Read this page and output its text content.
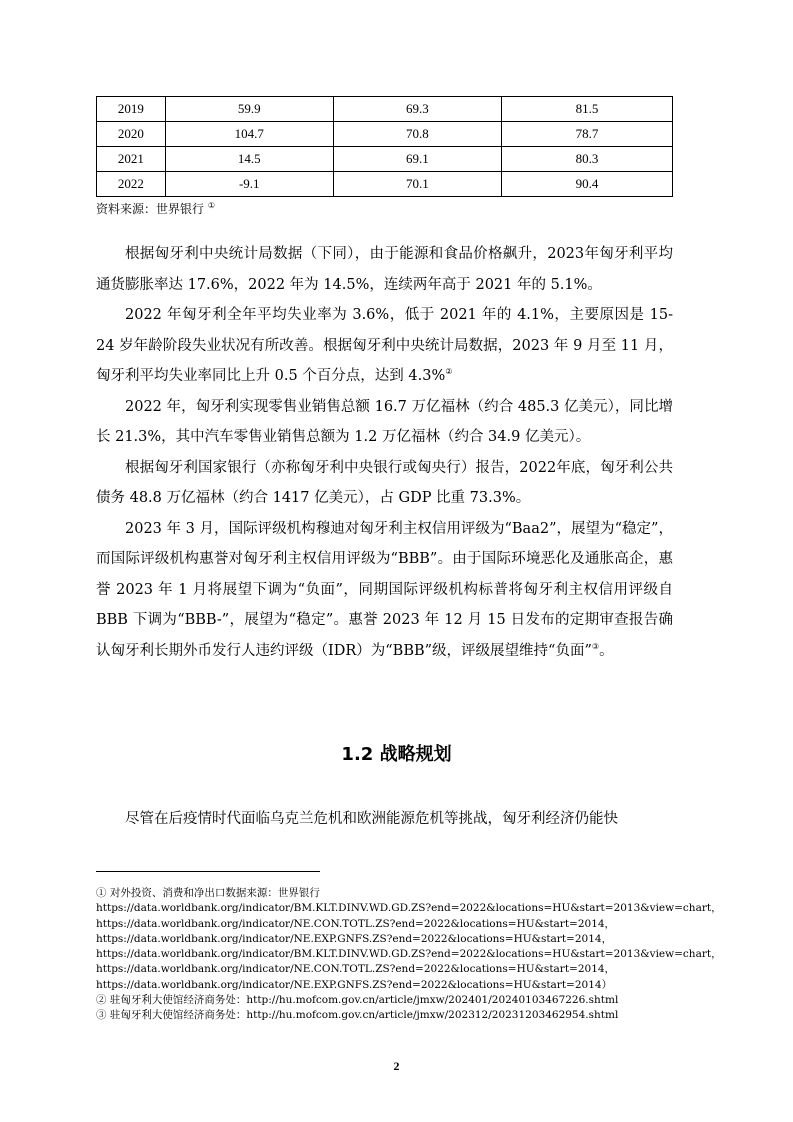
2019	59.9	69.3	81.5
2020	104.7	70.8	78.7
2021	14.5	69.1	80.3
2022	-9.1	70.1	90.4
资料来源：世界银行 ①

根据匈牙利中央统计局数据（下同），由于能源和食品价格飙升，2023年匈牙利平均通货膨胀率达 17.6%，2022 年为 14.5%，连续两年高于 2021 年的 5.1%。

2022 年匈牙利全年平均失业率为 3.6%，低于 2021 年的 4.1%，主要原因是 15-24 岁年龄阶段失业状况有所改善。根据匈牙利中央统计局数据，2023 年 9 月至 11 月，匈牙利平均失业率同比上升 0.5 个百分点，达到 4.3%②

2022 年，匈牙利实现零售业销售总额 16.7 万亿福林（约合 485.3 亿美元），同比增长 21.3%，其中汽车零售业销售总额为 1.2 万亿福林（约合 34.9 亿美元）。

根据匈牙利国家银行（亦称匈牙利中央银行或匈央行）报告，2022年底，匈牙利公共债务 48.8 万亿福林（约合 1417 亿美元），占 GDP 比重 73.3%。

2023 年 3 月，国际评级机构穆迪对匈牙利主权信用评级为“Baa2”，展望为“稳定”，而国际评级机构惠誉对匈牙利主权信用评级为“BBB”。由于国际环境恶化及通胀高企，惠誉 2023 年 1 月将展望下调为“负面”，同期国际评级机构标普将匈牙利主权信用评级自 BBB 下调为“BBB-”，展望为“稳定”。惠誉 2023 年 12 月 15 日发布的定期审查报告确认匈牙利长期外币发行人违约评级（IDR）为“BBB”级，评级展望维持“负面”③。

1.2 战略规划

尽管在后疫情时代面临乌克兰危机和欧洲能源危机等挑战，匈牙利经济仍能快

① 对外投资、消费和净出口数据来源：世界银行
https://data.worldbank.org/indicator/BM.KLT.DINV.WD.GD.ZS?end=2022&locations=HU&start=2013&view=chart，
https://data.worldbank.org/indicator/NE.CON.TOTL.ZS?end=2022&locations=HU&start=2014，
https://data.worldbank.org/indicator/NE.EXP.GNFS.ZS?end=2022&locations=HU&start=2014，
https://data.worldbank.org/indicator/BM.KLT.DINV.WD.GD.ZS?end=2022&locations=HU&start=2013&view=chart，
https://data.worldbank.org/indicator/NE.CON.TOTL.ZS?end=2022&locations=HU&start=2014，
https://data.worldbank.org/indicator/NE.EXP.GNFS.ZS?end=2022&locations=HU&start=2014）
② 驻匈牙利大使馆经济商务处：http://hu.mofcom.gov.cn/article/jmxw/202401/20240103467226.shtml
③ 驻匈牙利大使馆经济商务处：http://hu.mofcom.gov.cn/article/jmxw/202312/20231203462954.shtml
2
